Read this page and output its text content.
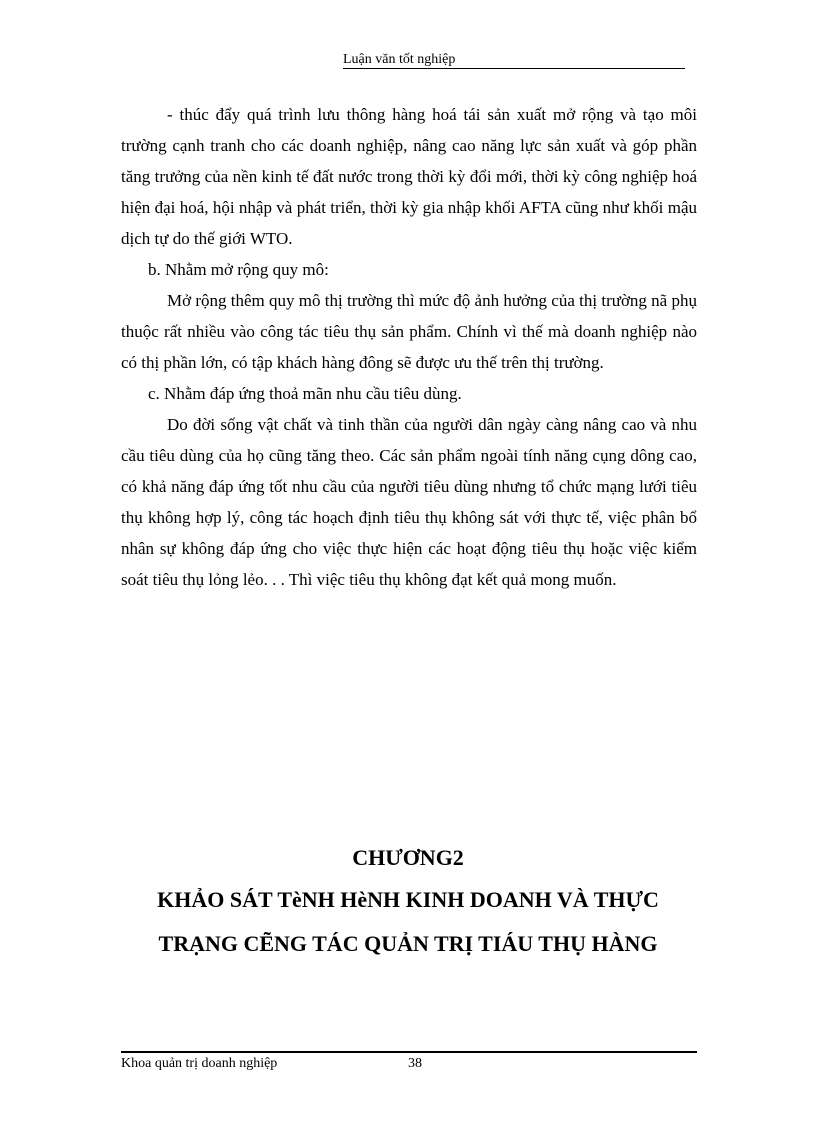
Luận văn tốt nghiệp

- thúc đẩy quá trình lưu thông hàng hoá tái sản xuất mở rộng và tạo môi trường cạnh tranh cho các doanh nghiệp, nâng cao năng lực sản xuất và góp phần tăng trưởng của nền kinh tế đất nước trong thời kỳ đổi mới, thời kỳ công nghiệp hoá hiện đại hoá, hội nhập và phát triển, thời kỳ gia nhập khối AFTA cũng như khối mậu dịch tự do thế giới WTO.

b. Nhằm mở rộng quy mô:

Mở rộng thêm quy mô thị trường thì mức độ ảnh hưởng của thị trường nã phụ thuộc rất nhiều vào công tác tiêu thụ sản phẩm. Chính vì thế mà doanh nghiệp nào có thị phần lớn, có tập khách hàng đông sẽ được ưu thế trên thị trường.

c. Nhằm đáp ứng thoả mãn nhu cầu tiêu dùng.

Do đời sống vật chất và tinh thần của người dân ngày càng nâng cao và nhu cầu tiêu dùng của họ cũng tăng theo. Các sản phẩm ngoài tính năng cụng dông cao, có khả năng đáp ứng tốt nhu cầu của người tiêu dùng nhưng tổ chức mạng lưới tiêu thụ không hợp lý, công tác hoạch định tiêu thụ không sát với thực tế, việc phân bổ nhân sự không đáp ứng cho việc thực hiện các hoạt động tiêu thụ hoặc việc kiểm soát tiêu thụ lỏng lẻo. . . Thì việc tiêu thụ không đạt kết quả mong muốn.

CHƯƠNG2

KHẢO SÁT TèNH HèNH KINH DOANH VÀ THỰC

TRẠNG CẼNG TÁC QUẢN TRỊ TIÁU THỤ HÀNG

Khoa quản trị doanh nghiệp	38
